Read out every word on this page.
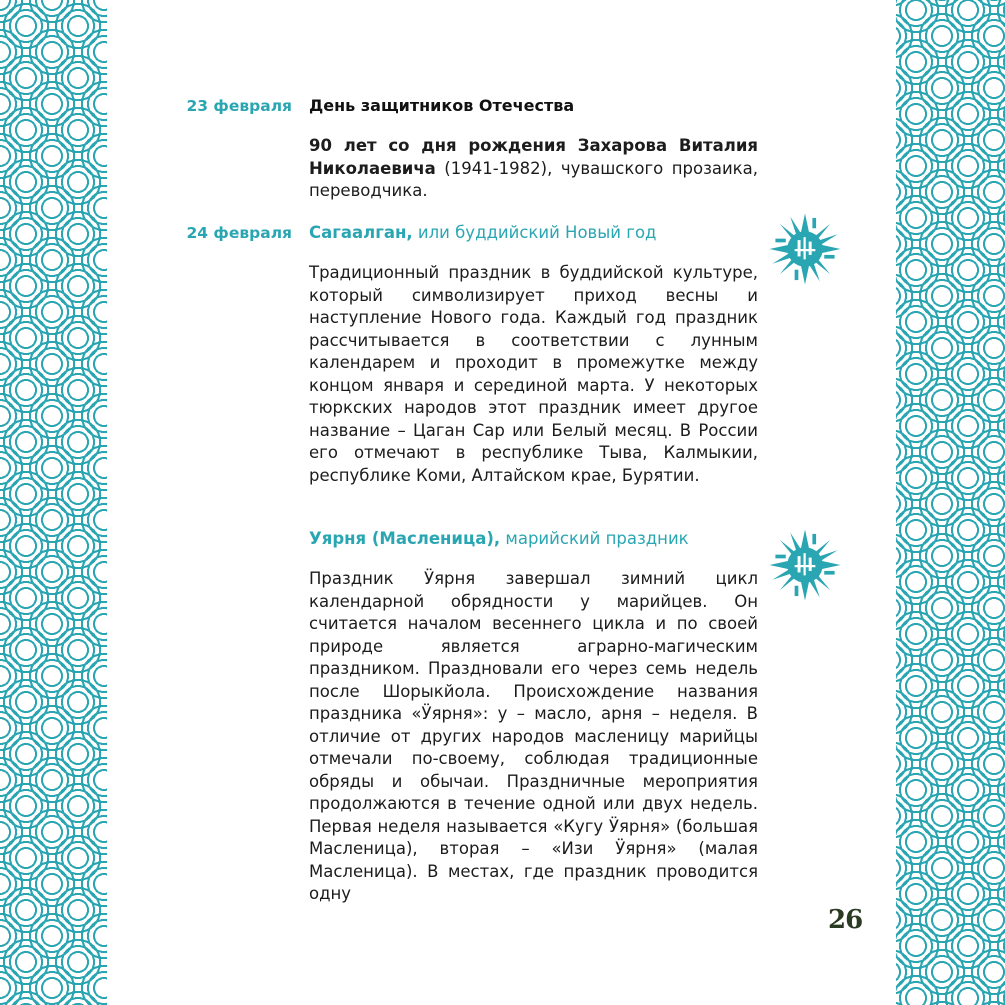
23 февраля День защитников Отечества
90 лет со дня рождения Захарова Виталия Николаевича (1941-1982), чувашского прозаика, переводчика.
24 февраля Сагаалган, или буддийский Новый год
Традиционный праздник в буддийской культуре, который символизирует приход весны и наступление Нового года. Каждый год праздник рассчитывается в соответствии с лунным календарем и проходит в промежутке между концом января и серединой марта. У некоторых тюркских народов этот праздник имеет другое название – Цаган Сар или Белый месяц. В России его отмечают в республике Тыва, Калмыкии, республике Коми, Алтайском крае, Бурятии.
Уярня (Масленица), марийский праздник
Праздник Ӱярня завершал зимний цикл календарной обрядности у марийцев. Он считается началом весеннего цикла и по своей природе является аграрно-магическим праздником. Праздновали его через семь недель после Шорыкйола. Происхождение названия праздника «Ӱярня»: у – масло, арня – неделя. В отличие от других народов масленицу марийцы отмечали по-своему, соблюдая традиционные обряды и обычаи. Праздничные мероприятия продолжаются в течение одной или двух недель. Первая неделя называется «Кугу Ӱярня» (большая Масленица), вторая – «Изи Ӱярня» (малая Масленица). В местах, где праздник проводится одну
26
